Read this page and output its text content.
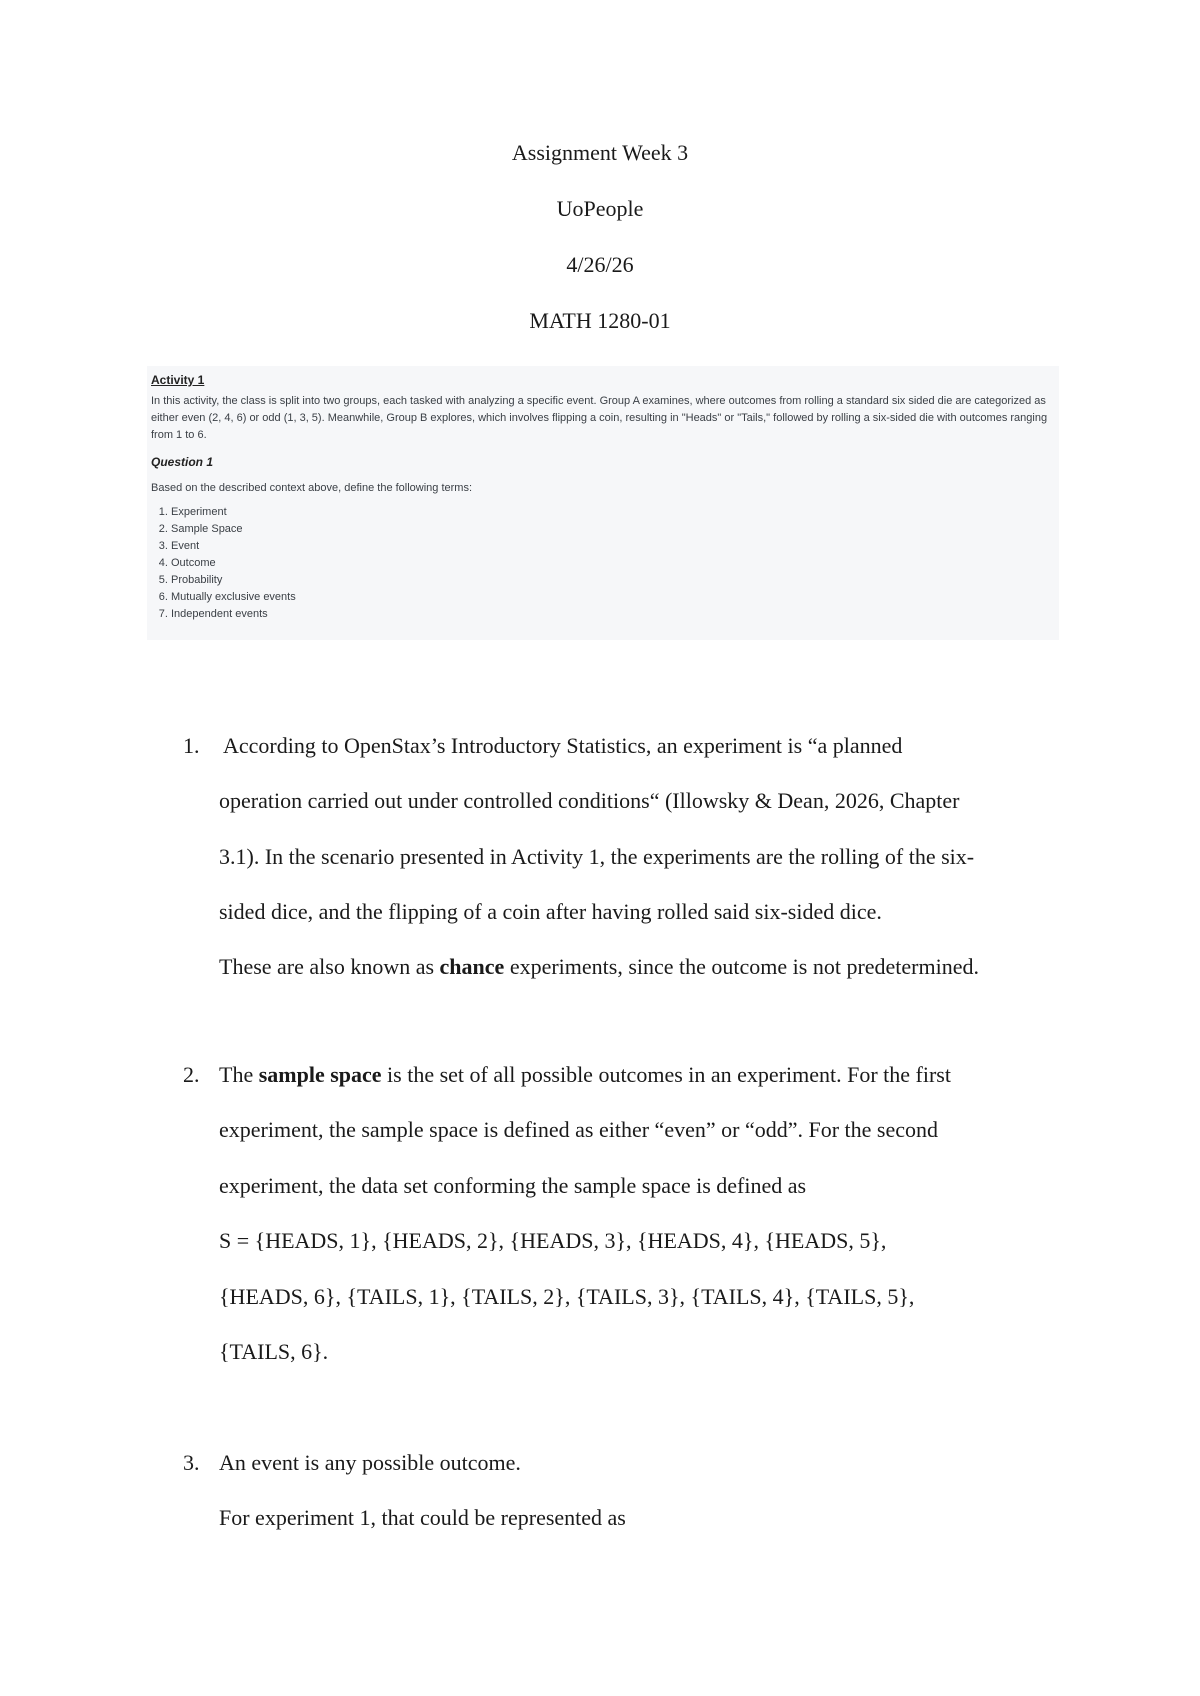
Assignment Week 3
UoPeople
4/26/26
MATH 1280-01
Activity 1
In this activity, the class is split into two groups, each tasked with analyzing a specific event. Group A examines, where outcomes from rolling a standard six sided die are categorized as either even (2, 4, 6) or odd (1, 3, 5). Meanwhile, Group B explores, which involves flipping a coin, resulting in "Heads" or "Tails," followed by rolling a six-sided die with outcomes ranging from 1 to 6.
Question 1
Based on the described context above, define the following terms:
1. Experiment
2. Sample Space
3. Event
4. Outcome
5. Probability
6. Mutually exclusive events
7. Independent events
1. According to OpenStax’s Introductory Statistics, an experiment is “a planned
operation carried out under controlled conditions“ (Illowsky & Dean, 2026, Chapter
3.1). In the scenario presented in Activity 1, the experiments are the rolling of the six-
sided dice, and the flipping of a coin after having rolled said six-sided dice.
These are also known as chance experiments, since the outcome is not predetermined.
2. The sample space is the set of all possible outcomes in an experiment. For the first
experiment, the sample space is defined as either “even” or “odd”. For the second
experiment, the data set conforming the sample space is defined as
S = {HEADS, 1}, {HEADS, 2}, {HEADS, 3}, {HEADS, 4}, {HEADS, 5},
{HEADS, 6}, {TAILS, 1}, {TAILS, 2}, {TAILS, 3}, {TAILS, 4}, {TAILS, 5},
{TAILS, 6}.
3. An event is any possible outcome.
For experiment 1, that could be represented as
